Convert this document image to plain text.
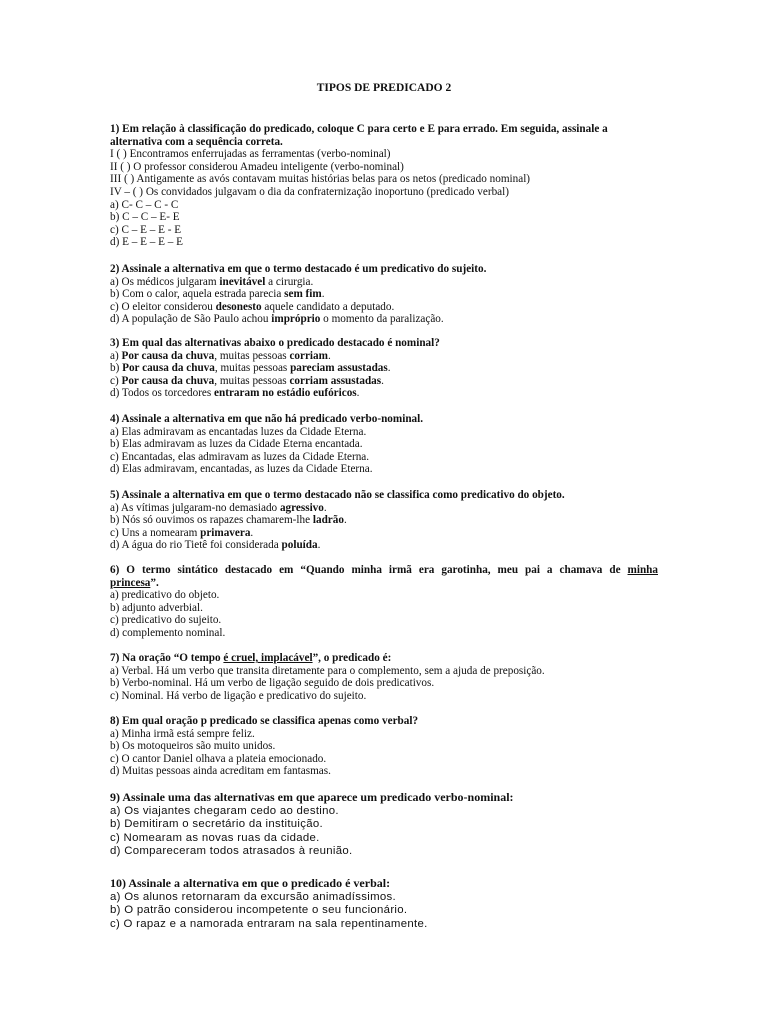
TIPOS DE PREDICADO 2
1) Em relação à classificação do predicado, coloque C para certo e E para errado. Em seguida, assinale a
alternativa com a sequência correta.
I ( ) Encontramos enferrujadas as ferramentas (verbo-nominal)
II ( ) O professor considerou Amadeu inteligente (verbo-nominal)
III ( ) Antigamente as avós contavam muitas histórias belas para os netos (predicado nominal)
IV – ( ) Os convidados julgavam o dia da confraternização inoportuno (predicado verbal)
a) C- C – C - C
b) C – C – E- E
c) C – E – E - E
d) E – E – E – E
2) Assinale a alternativa em que o termo destacado é um predicativo do sujeito.
a) Os médicos julgaram inevitável a cirurgia.
b) Com o calor, aquela estrada parecia sem fim.
c) O eleitor considerou desonesto aquele candidato a deputado.
d) A população de São Paulo achou impróprio o momento da paralização.
3) Em qual das alternativas abaixo o predicado destacado é nominal?
a) Por causa da chuva, muitas pessoas corriam.
b) Por causa da chuva, muitas pessoas pareciam assustadas.
c) Por causa da chuva, muitas pessoas corriam assustadas.
d) Todos os torcedores entraram no estádio eufóricos.
4) Assinale a alternativa em que não há predicado verbo-nominal.
a) Elas admiravam as encantadas luzes da Cidade Eterna.
b) Elas admiravam as luzes da Cidade Eterna encantada.
c) Encantadas, elas admiravam as luzes da Cidade Eterna.
d) Elas admiravam, encantadas, as luzes da Cidade Eterna.
5) Assinale a alternativa em que o termo destacado não se classifica como predicativo do objeto.
a) As vítimas julgaram-no demasiado agressivo.
b) Nós só ouvimos os rapazes chamarem-lhe ladrão.
c) Uns a nomearam primavera.
d) A água do rio Tietê foi considerada poluída.
6) O termo sintático destacado em “Quando minha irmã era garotinha, meu pai a chamava de minha
princesa”.
a) predicativo do objeto.
b) adjunto adverbial.
c) predicativo do sujeito.
d) complemento nominal.
7) Na oração “O tempo é cruel, implacável”, o predicado é:
a) Verbal. Há um verbo que transita diretamente para o complemento, sem a ajuda de preposição.
b) Verbo-nominal. Há um verbo de ligação seguido de dois predicativos.
c) Nominal. Há verbo de ligação e predicativo do sujeito.
8) Em qual oração p predicado se classifica apenas como verbal?
a) Minha irmã está sempre feliz.
b) Os motoqueiros são muito unidos.
c) O cantor Daniel olhava a plateia emocionado.
d) Muitas pessoas ainda acreditam em fantasmas.
9) Assinale uma das alternativas em que aparece um predicado verbo-nominal:
a) Os viajantes chegaram cedo ao destino.
b) Demitiram o secretário da instituição.
c) Nomearam as novas ruas da cidade.
d) Compareceram todos atrasados à reunião.
10) Assinale a alternativa em que o predicado é verbal:
a) Os alunos retornaram da excursão animadíssimos.
b) O patrão considerou incompetente o seu funcionário.
c) O rapaz e a namorada entraram na sala repentinamente.
